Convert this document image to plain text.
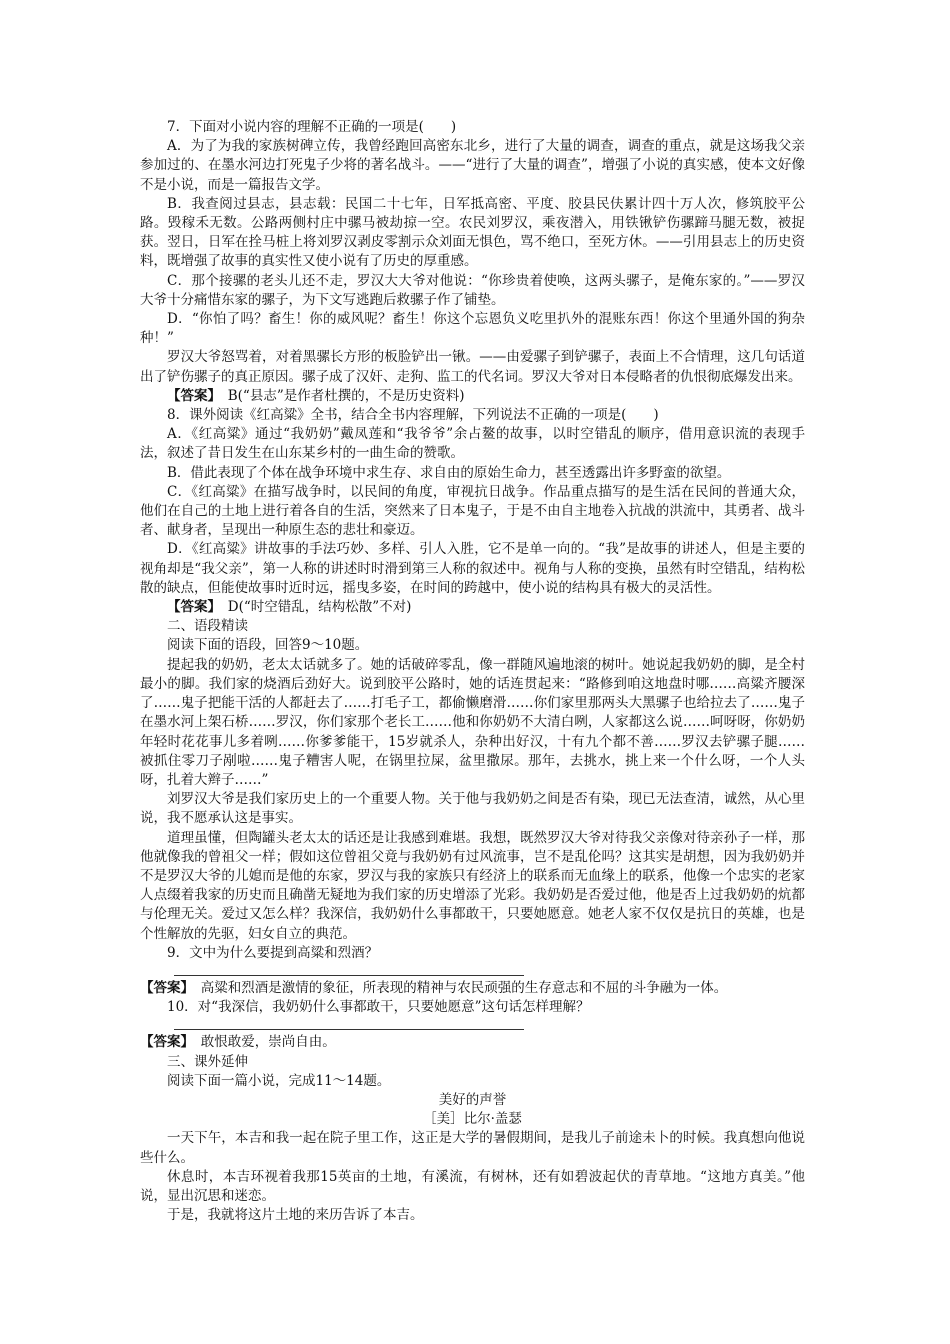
7．下面对小说内容的理解不正确的一项是(　　)

A．为了为我的家族树碑立传，我曾经跑回高密东北乡，进行了大量的调查，调查的重点，就是这场我父亲参加过的、在墨水河边打死鬼子少将的著名战斗。——“进行了大量的调查”，增强了小说的真实感，使本文好像不是小说，而是一篇报告文学。

B．我查阅过县志，县志载：民国二十七年，日军抵高密、平度、胶县民伕累计四十万人次，修筑胶平公路。毁稼禾无数。公路两侧村庄中骡马被劫掠一空。农民刘罗汉，乘夜潜入，用铁锹铲伤骡蹄马腿无数，被捉获。翌日，日军在拴马桩上将刘罗汉剥皮零割示众刘面无惧色，骂不绝口，至死方休。——引用县志上的历史资料，既增强了故事的真实性又使小说有了历史的厚重感。

C．那个接骡的老头儿还不走，罗汉大大爷对他说：“你珍贵着使唤，这两头骡子，是俺东家的。”——罗汉大爷十分痛惜东家的骡子，为下文写逃跑后救骡子作了铺垫。

D．“你怕了吗？畜生！你的威风呢？畜生！你这个忘恩负义吃里扒外的混账东西！你这个里通外国的狗杂种！”

罗汉大爷怒骂着，对着黑骡长方形的板脸铲出一锹。——由爱骡子到铲骡子，表面上不合情理，这几句话道出了铲伤骡子的真正原因。骡子成了汉奸、走狗、监工的代名词。罗汉大爷对日本侵略者的仇恨彻底爆发出来。

【答案】　B(“县志”是作者杜撰的，不是历史资料)

8．课外阅读《红高粱》全书，结合全书内容理解，下列说法不正确的一项是(　　)

A．《红高粱》通过“我奶奶”戴凤莲和“我爷爷”余占鳌的故事，以时空错乱的顺序，借用意识流的表现手法，叙述了昔日发生在山东某乡村的一曲生命的赞歌。

B．借此表现了个体在战争环境中求生存、求自由的原始生命力，甚至透露出许多野蛮的欲望。

C．《红高粱》在描写战争时，以民间的角度，审视抗日战争。作品重点描写的是生活在民间的普通大众，他们在自己的土地上进行着各自的生活，突然来了日本鬼子，于是不由自主地卷入抗战的洪流中，其勇者、战斗者、献身者，呈现出一种原生态的悲壮和豪迈。

D．《红高粱》讲故事的手法巧妙、多样、引人入胜，它不是单一向的。“我”是故事的讲述人，但是主要的视角却是“我父亲”，第一人称的讲述时时滑到第三人称的叙述中。视角与人称的变换，虽然有时空错乱，结构松散的缺点，但能使故事时近时远，摇曳多姿，在时间的跨越中，使小说的结构具有极大的灵活性。

【答案】　D(“时空错乱，结构松散”不对)

二、语段精读

阅读下面的语段，回答9～10题。

提起我的奶奶，老太太话就多了。她的话破碎零乱，像一群随风遍地滚的树叶。她说起我奶奶的脚，是全村最小的脚。我们家的烧酒后劲好大。说到胶平公路时，她的话连贯起来：“路修到咱这地盘时哪……高粱齐腰深了……鬼子把能干活的人都赶去了……打毛子工，都偷懒磨滑……你们家里那两头大黑骡子也给拉去了……鬼子在墨水河上架石桥……罗汉，你们家那个老长工……他和你奶奶不大清白咧，人家都这么说……呵呀呀，你奶奶年轻时花花事儿多着咧……你爹爹能干，15岁就杀人，杂种出好汉，十有九个都不善……罗汉去铲骡子腿……被抓住零刀子剐啦……鬼子糟害人呢，在锅里拉屎，盆里撒尿。那年，去挑水，挑上来一个什么呀，一个人头呀，扎着大辫子……”

刘罗汉大爷是我们家历史上的一个重要人物。关于他与我奶奶之间是否有染，现已无法查清，诚然，从心里说，我不愿承认这是事实。

道理虽懂，但陶罐头老太太的话还是让我感到难堪。我想，既然罗汉大爷对待我父亲像对待亲孙子一样，那他就像我的曾祖父一样；假如这位曾祖父竟与我奶奶有过风流事，岂不是乱伦吗？这其实是胡想，因为我奶奶并不是罗汉大爷的儿媳而是他的东家，罗汉与我的家族只有经济上的联系而无血缘上的联系，他像一个忠实的老家人点缀着我家的历史而且确凿无疑地为我们家的历史增添了光彩。我奶奶是否爱过他，他是否上过我奶奶的炕都与伦理无关。爱过又怎么样？我深信，我奶奶什么事都敢干，只要她愿意。她老人家不仅仅是抗日的英雄，也是个性解放的先驱，妇女自立的典范。

9．文中为什么要提到高粱和烈酒？

【答案】　高粱和烈酒是激情的象征，所表现的精神与农民顽强的生存意志和不屈的斗争融为一体。

10．对“我深信，我奶奶什么事都敢干，只要她愿意”这句话怎样理解？

【答案】　敢恨敢爱，崇尚自由。

三、课外延伸

阅读下面一篇小说，完成11～14题。

美好的声誉

［美］比尔·盖瑟

一天下午，本吉和我一起在院子里工作，这正是大学的暑假期间，是我儿子前途未卜的时候。我真想向他说些什么。

休息时，本吉环视着我那15英亩的土地，有溪流，有树林，还有如碧波起伏的青草地。“这地方真美。”他说，显出沉思和迷恋。

于是，我就将这片土地的来历告诉了本吉。
